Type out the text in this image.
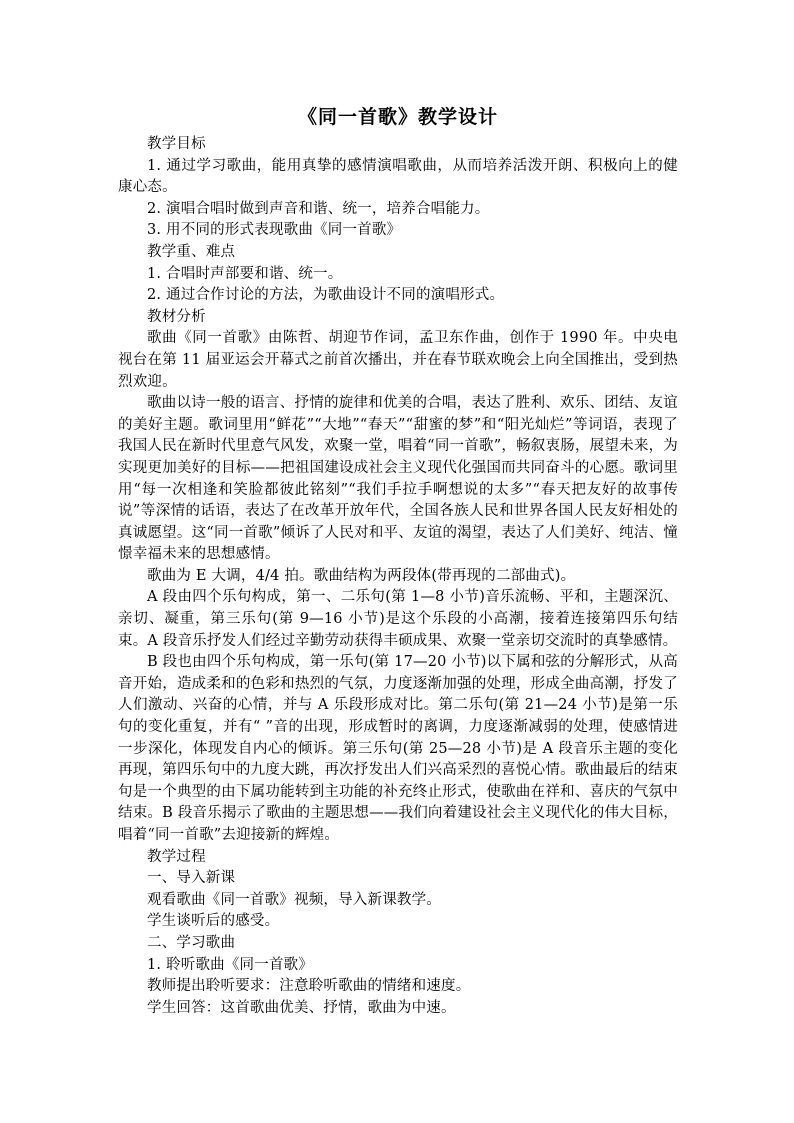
《同一首歌》教学设计

教学目标

1. 通过学习歌曲，能用真挚的感情演唱歌曲，从而培养活泼开朗、积极向上的健康心态。

2. 演唱合唱时做到声音和谐、统一，培养合唱能力。

3. 用不同的形式表现歌曲《同一首歌》

教学重、难点

1. 合唱时声部要和谐、统一。

2. 通过合作讨论的方法，为歌曲设计不同的演唱形式。

教材分析

歌曲《同一首歌》由陈哲、胡迎节作词，孟卫东作曲，创作于 1990 年。中央电视台在第 11 届亚运会开幕式之前首次播出，并在春节联欢晚会上向全国推出，受到热烈欢迎。

歌曲以诗一般的语言、抒情的旋律和优美的合唱，表达了胜利、欢乐、团结、友谊的美好主题。歌词里用“鲜花”“大地”“春天”“甜蜜的梦”和“阳光灿烂”等词语，表现了我国人民在新时代里意气风发，欢聚一堂，唱着“同一首歌”，畅叙衷肠，展望未来，为实现更加美好的目标——把祖国建设成社会主义现代化强国而共同奋斗的心愿。歌词里用“每一次相逢和笑脸都彼此铭刻”“我们手拉手啊想说的太多”“春天把友好的故事传说”等深情的话语，表达了在改革开放年代，全国各族人民和世界各国人民友好相处的真诚愿望。这“同一首歌”倾诉了人民对和平、友谊的渴望，表达了人们美好、纯洁、憧憬幸福未来的思想感情。

歌曲为 E 大调，4/4 拍。歌曲结构为两段体(带再现的二部曲式)。

A 段由四个乐句构成，第一、二乐句(第 1—8 小节)音乐流畅、平和，主题深沉、亲切、凝重，第三乐句(第 9—16 小节)是这个乐段的小高潮，接着连接第四乐句结束。A 段音乐抒发人们经过辛勤劳动获得丰硕成果、欢聚一堂亲切交流时的真挚感情。

B 段也由四个乐句构成，第一乐句(第 17—20 小节)以下属和弦的分解形式，从高音开始，造成柔和的色彩和热烈的气氛，力度逐渐加强的处理，形成全曲高潮，抒发了人们激动、兴奋的心情，并与 A 乐段形成对比。第二乐句(第 21—24 小节)是第一乐句的变化重复，并有“ ”音的出现，形成暂时的离调，力度逐渐减弱的处理，使感情进一步深化，体现发自内心的倾诉。第三乐句(第 25—28 小节)是 A 段音乐主题的变化再现，第四乐句中的九度大跳，再次抒发出人们兴高采烈的喜悦心情。歌曲最后的结束句是一个典型的由下属功能转到主功能的补充终止形式，使歌曲在祥和、喜庆的气氛中结束。B 段音乐揭示了歌曲的主题思想——我们向着建设社会主义现代化的伟大目标，唱着“同一首歌”去迎接新的辉煌。

教学过程

一、导入新课

观看歌曲《同一首歌》视频，导入新课教学。

学生谈听后的感受。

二、学习歌曲

1. 聆听歌曲《同一首歌》

教师提出聆听要求：注意聆听歌曲的情绪和速度。

学生回答：这首歌曲优美、抒情，歌曲为中速。
